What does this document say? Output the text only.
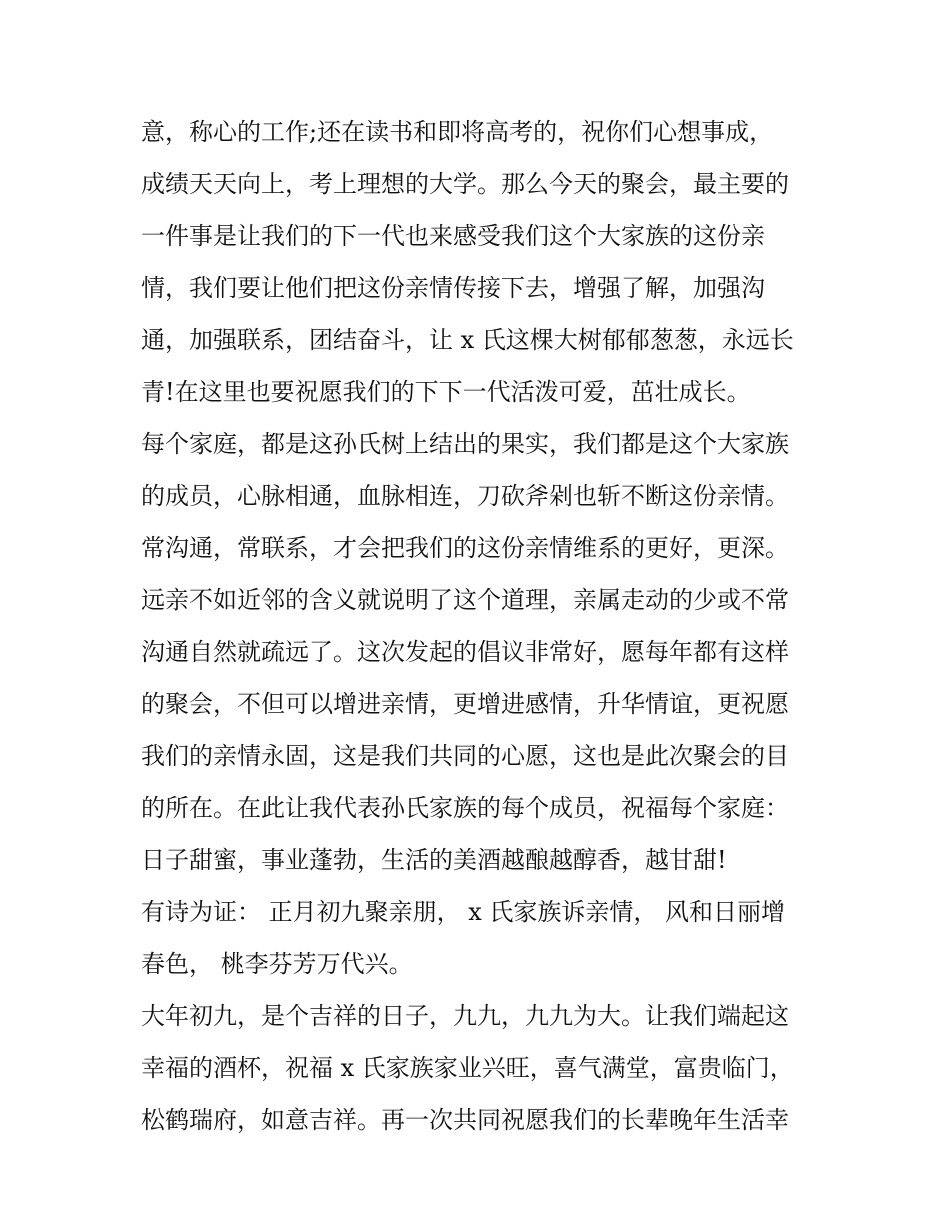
意，称心的工作;还在读书和即将高考的，祝你们心想事成，
成绩天天向上，考上理想的大学。那么今天的聚会，最主要的
一件事是让我们的下一代也来感受我们这个大家族的这份亲
情，我们要让他们把这份亲情传接下去，增强了解，加强沟
通，加强联系，团结奋斗，让 x 氏这棵大树郁郁葱葱，永远长
青!在这里也要祝愿我们的下下一代活泼可爱，茁壮成长。
每个家庭，都是这孙氏树上结出的果实，我们都是这个大家族
的成员，心脉相通，血脉相连，刀砍斧剁也斩不断这份亲情。
常沟通，常联系，才会把我们的这份亲情维系的更好，更深。
远亲不如近邻的含义就说明了这个道理，亲属走动的少或不常
沟通自然就疏远了。这次发起的倡议非常好，愿每年都有这样
的聚会，不但可以增进亲情，更增进感情，升华情谊，更祝愿
我们的亲情永固，这是我们共同的心愿，这也是此次聚会的目
的所在。在此让我代表孙氏家族的每个成员，祝福每个家庭：
日子甜蜜，事业蓬勃，生活的美酒越酿越醇香，越甘甜!
有诗为证： 正月初九聚亲朋， x 氏家族诉亲情， 风和日丽增
春色， 桃李芬芳万代兴。
大年初九，是个吉祥的日子，九九，九九为大。让我们端起这
幸福的酒杯，祝福 x 氏家族家业兴旺，喜气满堂，富贵临门，
松鹤瑞府，如意吉祥。再一次共同祝愿我们的长辈晚年生活幸
